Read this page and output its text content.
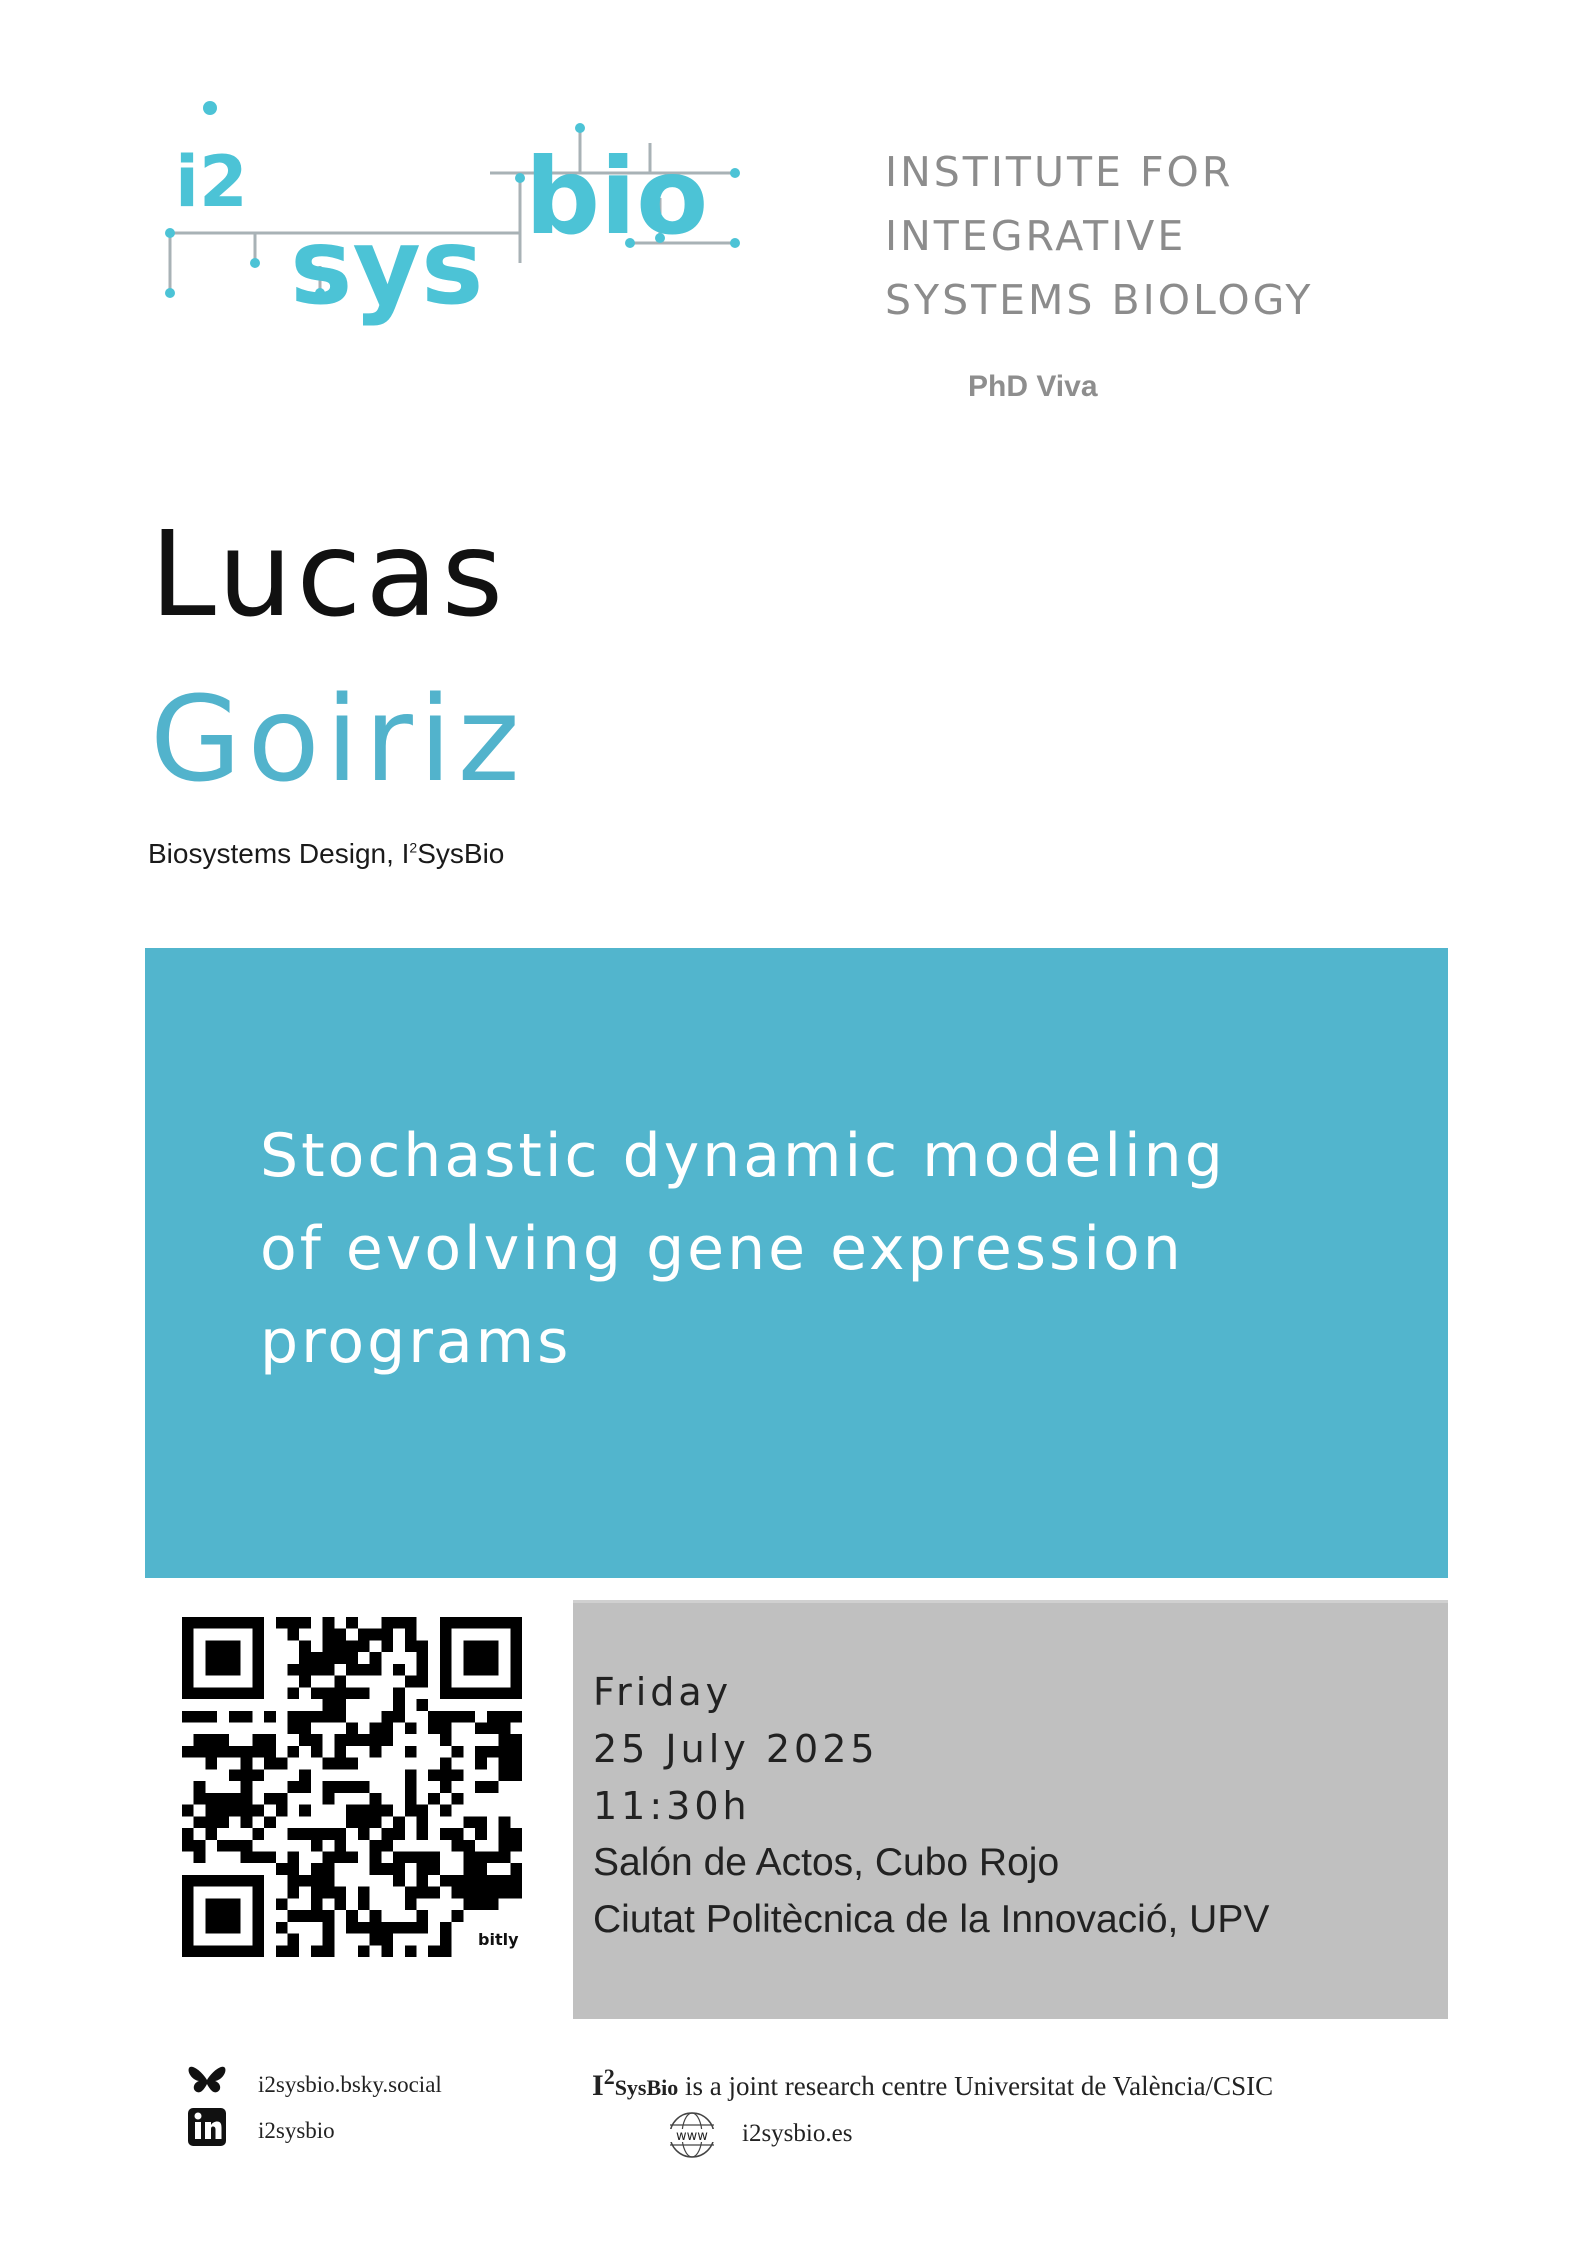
i2
sys
bio	INSTITUTE FOR
INTEGRATIVE
SYSTEMS BIOLOGY
PhD Viva
Lucas
Goiriz
Biosystems Design, $I^2SysBio$
Stochastic dynamic modeling
of evolving gene expression
programs
bitly
Friday
25 July 2025
11:30h
Salón de Actos, Cubo Rojo
Ciutat Politècnica de la Innovació, UPV
i2sysbio.bsky.social
i2sysbio
$I^2SysBio$ is a joint research centre Universitat de València/CSIC
www i2sysbio.es
